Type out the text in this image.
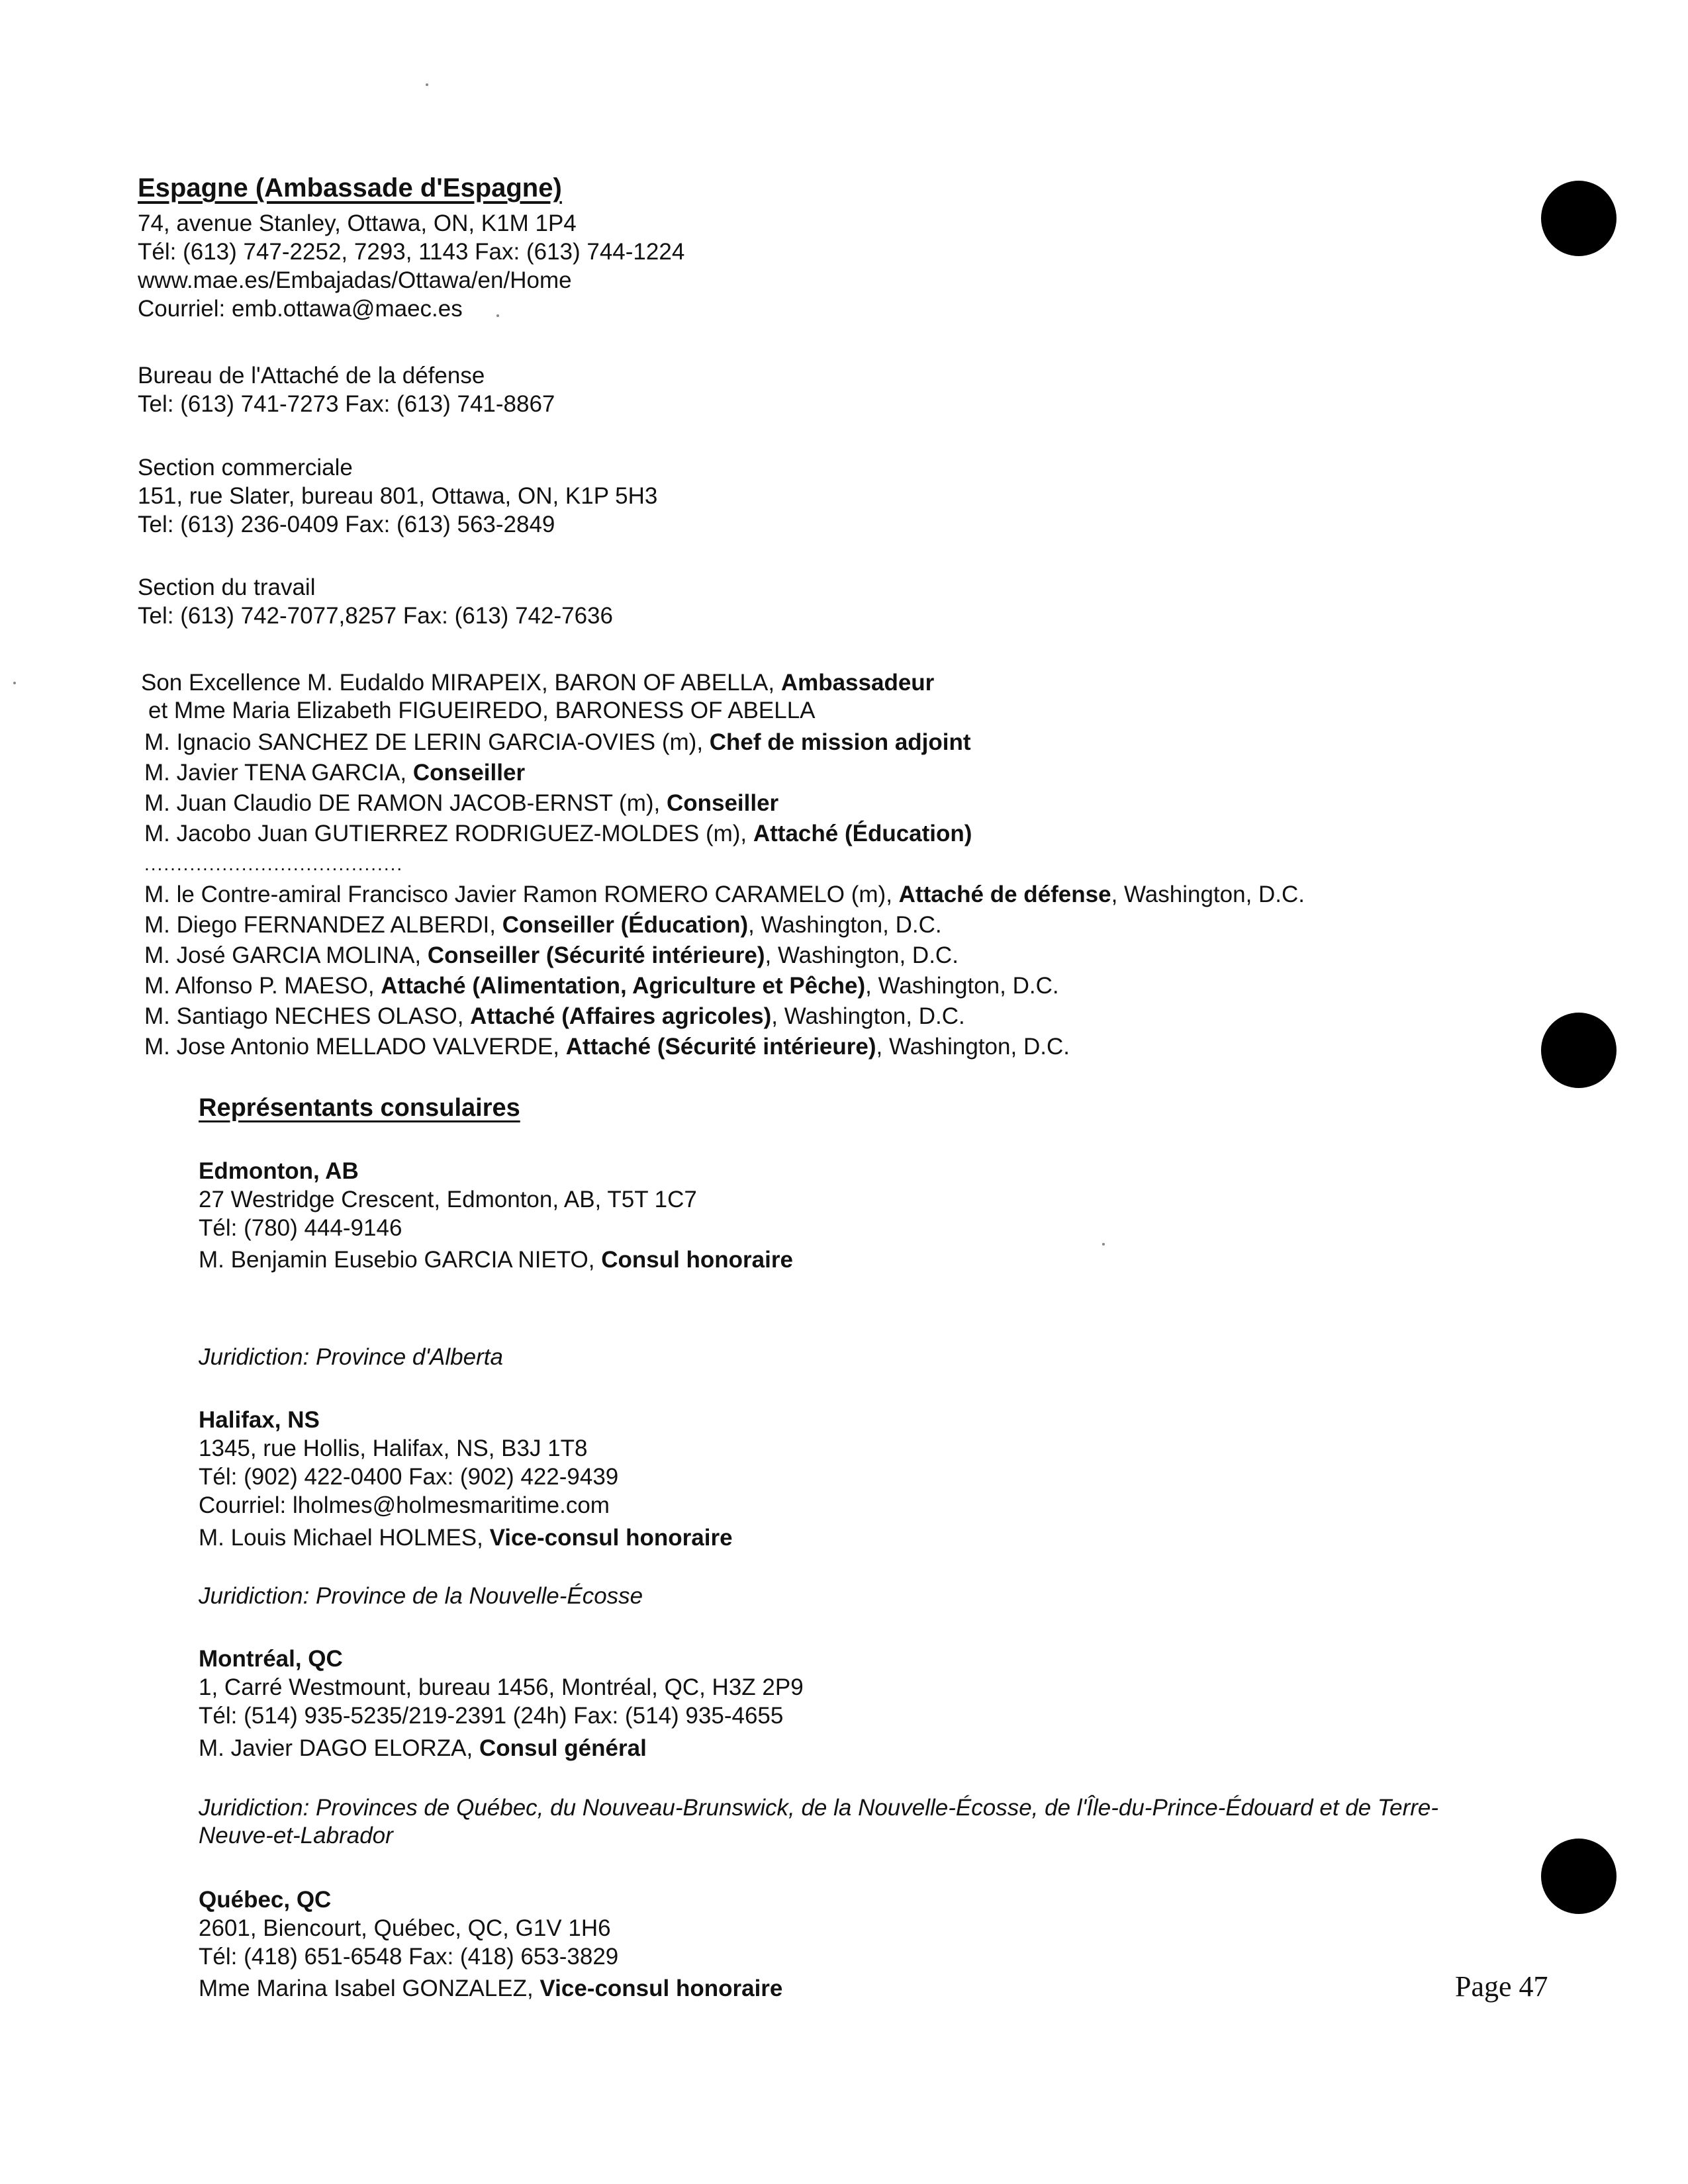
Espagne (Ambassade d'Espagne)
74, avenue Stanley, Ottawa, ON, K1M 1P4
Tél: (613) 747-2252, 7293, 1143 Fax: (613) 744-1224
www.mae.es/Embajadas/Ottawa/en/Home
Courriel: emb.ottawa@maec.es
Bureau de l'Attaché de la défense
Tel: (613) 741-7273 Fax: (613) 741-8867
Section commerciale
151, rue Slater, bureau 801, Ottawa, ON, K1P 5H3
Tel: (613) 236-0409 Fax: (613) 563-2849
Section du travail
Tel: (613) 742-7077,8257 Fax: (613) 742-7636
Son Excellence M. Eudaldo MIRAPEIX, BARON OF ABELLA, Ambassadeur
et Mme Maria Elizabeth FIGUEIREDO, BARONESS OF ABELLA
M. Ignacio SANCHEZ DE LERIN GARCIA-OVIES (m), Chef de mission adjoint
M. Javier TENA GARCIA, Conseiller
M. Juan Claudio DE RAMON JACOB-ERNST (m), Conseiller
M. Jacobo Juan GUTIERREZ RODRIGUEZ-MOLDES (m), Attaché (Éducation)
........................................
M. le Contre-amiral Francisco Javier Ramon ROMERO CARAMELO (m), Attaché de défense, Washington, D.C.
M. Diego FERNANDEZ ALBERDI, Conseiller (Éducation), Washington, D.C.
M. José GARCIA MOLINA, Conseiller (Sécurité intérieure), Washington, D.C.
M. Alfonso P. MAESO, Attaché (Alimentation, Agriculture et Pêche), Washington, D.C.
M. Santiago NECHES OLASO, Attaché (Affaires agricoles), Washington, D.C.
M. Jose Antonio MELLADO VALVERDE, Attaché (Sécurité intérieure), Washington, D.C.
Représentants consulaires
Edmonton, AB
27 Westridge Crescent, Edmonton, AB, T5T 1C7
Tél: (780) 444-9146
M. Benjamin Eusebio GARCIA NIETO, Consul honoraire
Juridiction: Province d'Alberta
Halifax, NS
1345, rue Hollis, Halifax, NS, B3J 1T8
Tél: (902) 422-0400 Fax: (902) 422-9439
Courriel: lholmes@holmesmaritime.com
M. Louis Michael HOLMES, Vice-consul honoraire
Juridiction: Province de la Nouvelle-Écosse
Montréal, QC
1, Carré Westmount, bureau 1456, Montréal, QC, H3Z 2P9
Tél: (514) 935-5235/219-2391 (24h) Fax: (514) 935-4655
M. Javier DAGO ELORZA, Consul général
Juridiction: Provinces de Québec, du Nouveau-Brunswick, de la Nouvelle-Écosse, de l'Île-du-Prince-Édouard et de Terre-
Neuve-et-Labrador
Québec, QC
2601, Biencourt, Québec, QC, G1V 1H6
Tél: (418) 651-6548 Fax: (418) 653-3829
Mme Marina Isabel GONZALEZ, Vice-consul honoraire	Page 47
